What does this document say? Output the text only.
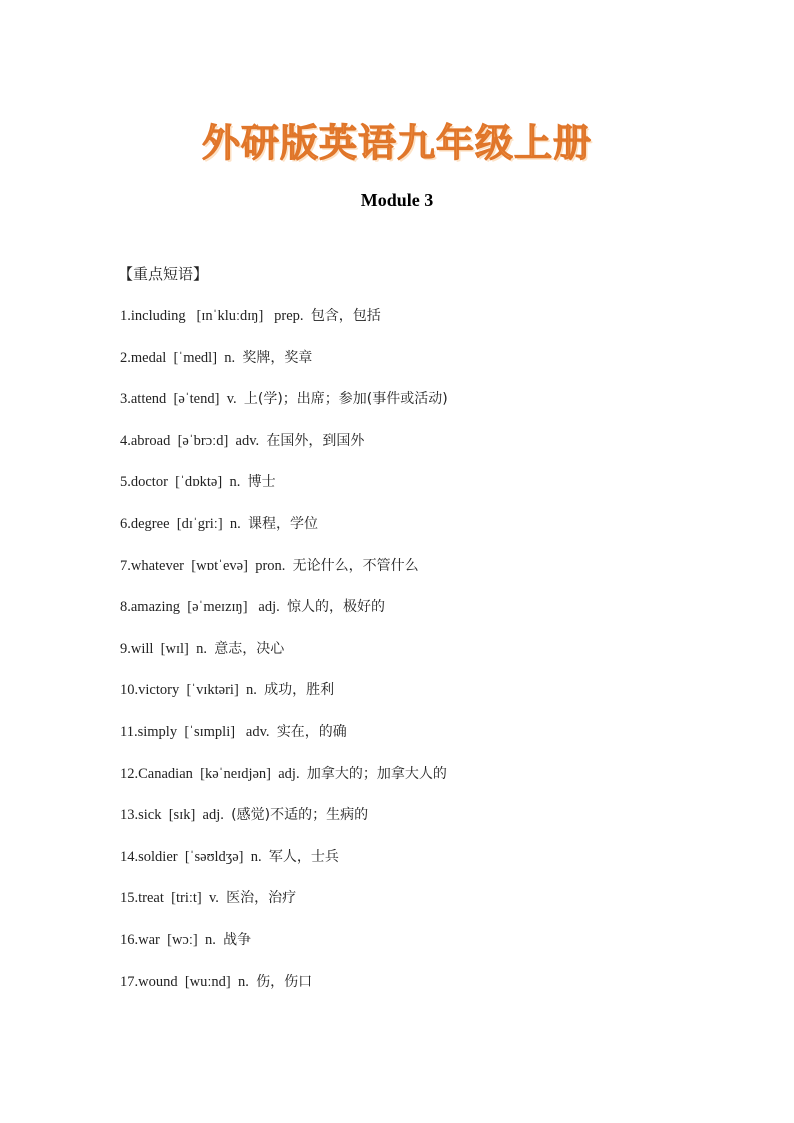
外研版英语九年级上册
Module 3
【重点短语】
1.including   [ɪnˈkluːdɪŋ]   prep.  包含，包括
2.medal  [ˈmedl]  n.  奖牌，奖章
3.attend  [əˈtend]  v.  上(学)；出席；参加(事件或活动)
4.abroad  [əˈbrɔːd]  adv.  在国外，到国外
5.doctor  [ˈdɒktə]  n.  博士
6.degree  [dɪˈgriː]  n.  课程，学位
7.whatever  [wɒtˈevə]  pron.  无论什么，不管什么
8.amazing  [əˈmeɪzɪŋ]   adj.  惊人的，极好的
9.will  [wɪl]  n.  意志，决心
10.victory  [ˈvɪktəri]  n.  成功，胜利
11.simply  [ˈsɪmpli]   adv.  实在，的确
12.Canadian  [kəˈneɪdjən]  adj.  加拿大的；加拿大人的
13.sick  [sɪk]  adj.  (感觉)不适的；生病的
14.soldier  [ˈsəʊldʒə]  n.  军人，士兵
15.treat  [triːt]  v.  医治，治疗
16.war  [wɔː]  n.  战争
17.wound  [wuːnd]  n.  伤，伤口
